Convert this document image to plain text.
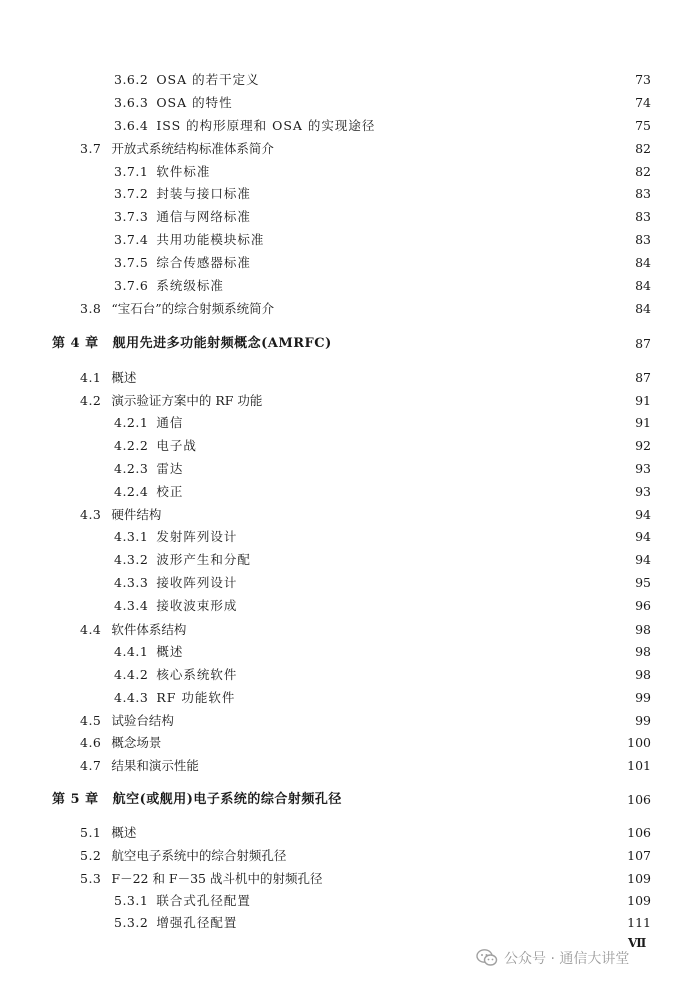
3.6.2 OSA 的若干定义	73
3.6.3 OSA 的特性	74
3.6.4 ISS 的构形原理和 OSA 的实现途径	75
3.7 开放式系统结构标准体系简介	82
3.7.1 软件标准	82
3.7.2 封装与接口标准	83
3.7.3 通信与网络标准	83
3.7.4 共用功能模块标准	83
3.7.5 综合传感器标准	84
3.7.6 系统级标准	84
3.8 “宝石台”的综合射频系统简介	84
第 4 章 舰用先进多功能射频概念(AMRFC)	87
4.1 概述	87
4.2 演示验证方案中的 RF 功能	91
4.2.1 通信	91
4.2.2 电子战	92
4.2.3 雷达	93
4.2.4 校正	93
4.3 硬件结构	94
4.3.1 发射阵列设计	94
4.3.2 波形产生和分配	94
4.3.3 接收阵列设计	95
4.3.4 接收波束形成	96
4.4 软件体系结构	98
4.4.1 概述	98
4.4.2 核心系统软件	98
4.4.3 RF 功能软件	99
4.5 试验台结构	99
4.6 概念场景	100
4.7 结果和演示性能	101
第 5 章 航空(或舰用)电子系统的综合射频孔径	106
5.1 概述	106
5.2 航空电子系统中的综合射频孔径	107
5.3 F－22 和 F－35 战斗机中的射频孔径	109
5.3.1 联合式孔径配置	109
5.3.2 增强孔径配置	111
Ⅶ
公众号 · 通信大讲堂
